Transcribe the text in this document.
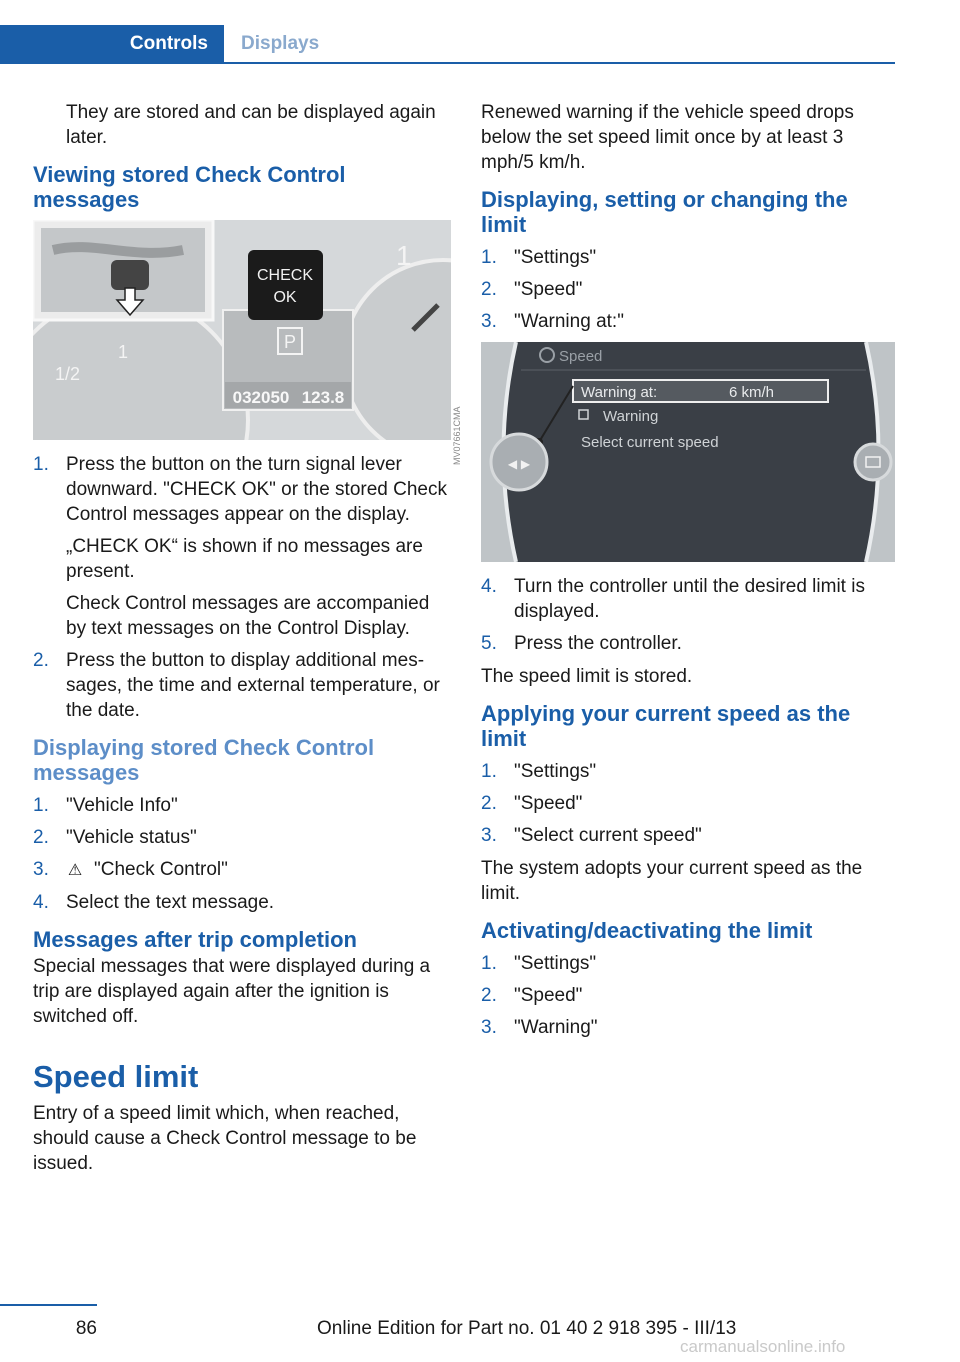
Controls	Displays

They are stored and can be displayed again later.

Viewing stored Check Control messages
CHECK
OK
P
032050 123.8
1/2
1
1
1. Press the button on the turn signal lever downward. "CHECK OK" or the stored Check Control messages appear on the display.

„CHECK OK“ is shown if no messages are present.

Check Control messages are accompanied by text messages on the Control Display.

2. Press the button to display additional mes‐sages, the time and external temperature, or the date.

Displaying stored Check Control messages
1. "Vehicle Info"
2. "Vehicle status"
3. ⚠ "Check Control"
4. Select the text message.
Messages after trip completion

Special messages that were displayed during a trip are displayed again after the ignition is switched off.

Speed limit

Entry of a speed limit which, when reached, should cause a Check Control message to be issued.

MV07661CMA

Renewed warning if the vehicle speed drops below the set speed limit once by at least 3 mph/5 km/h.

Displaying, setting or changing the limit
1. "Settings"
2. "Speed"
3. "Warning at:"
Speed
Warning at:	6 km/h
Warning
Select current speed
◀ ▶
4. Turn the controller until the desired limit is displayed.
5. Press the controller.

The speed limit is stored.

Applying your current speed as the limit
1. "Settings"
2. "Speed"
3. "Select current speed"

The system adopts your current speed as the limit.

Activating/deactivating the limit
1. "Settings"
2. "Speed"
3. "Warning"
86	Online Edition for Part no. 01 40 2 918 395 - III/13
carmanualsonline.info
